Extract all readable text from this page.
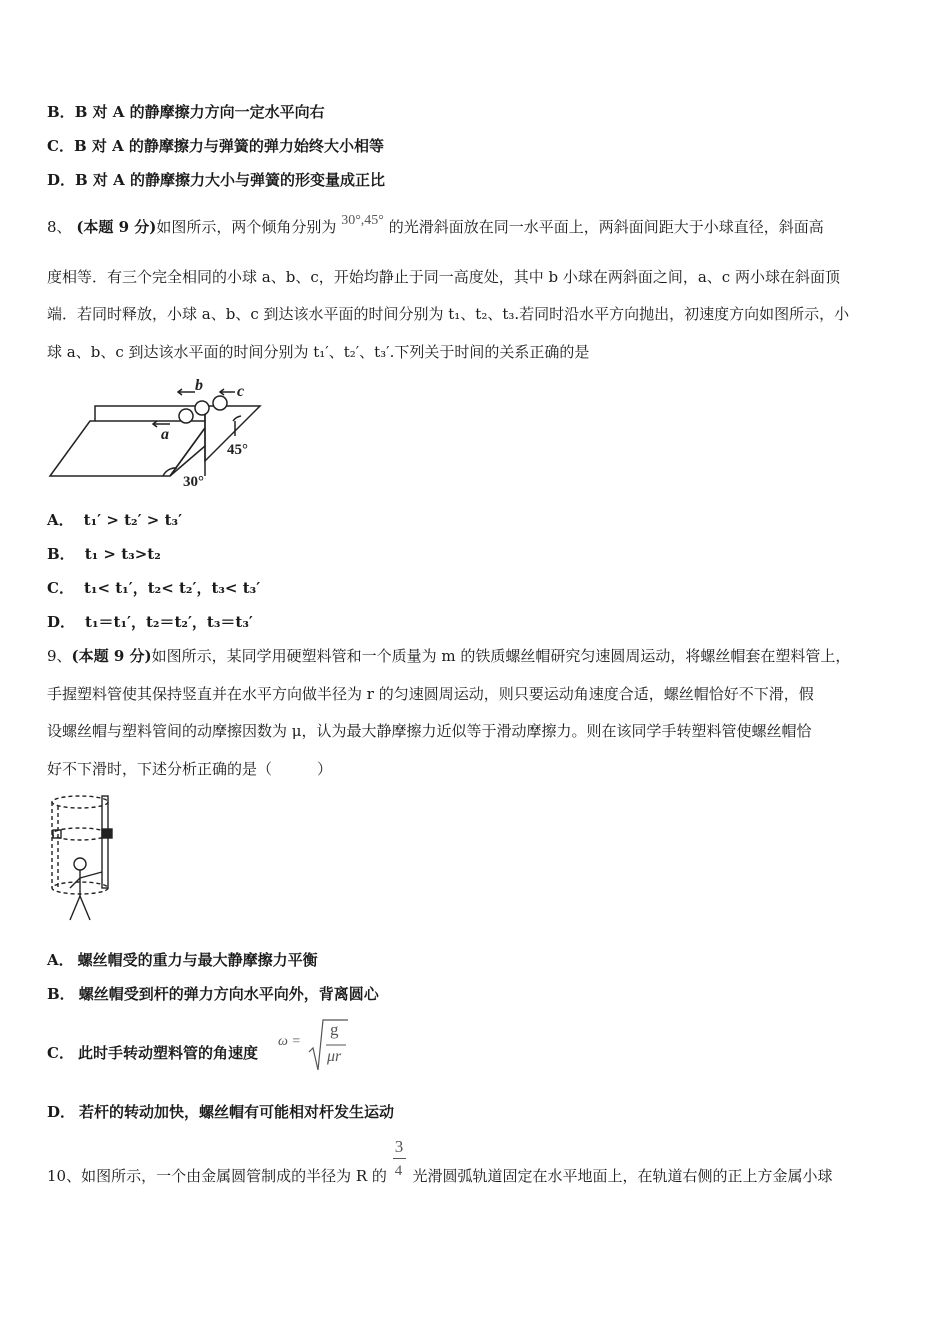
B．B 对 A 的静摩擦力方向一定水平向右
C．B 对 A 的静摩擦力与弹簧的弹力始终大小相等
D．B 对 A 的静摩擦力大小与弹簧的形变量成正比
8、 (本题 9 分)如图所示，两个倾角分别为 30°,45° 的光滑斜面放在同一水平面上，两斜面间距大于小球直径，斜面高
度相等．有三个完全相同的小球 a、b、c，开始均静止于同一高度处，其中 b 小球在两斜面之间，a、c 两小球在斜面顶
端．若同时释放，小球 a、b、c 到达该水平面的时间分别为 t₁、t₂、t₃.若同时沿水平方向抛出，初速度方向如图所示，小
球 a、b、c 到达该水平面的时间分别为 t₁′、t₂′、t₃′.下列关于时间的关系正确的是
a
b c
30°
45°
A． t₁′ > t₂′ > t₃′
B． t₁ > t₃>t₂
C． t₁< t₁′，t₂< t₂′，t₃< t₃′
D． t₁＝t₁′，t₂＝t₂′，t₃＝t₃′
9、(本题 9 分)如图所示，某同学用硬塑料管和一个质量为 m 的铁质螺丝帽研究匀速圆周运动，将螺丝帽套在塑料管上，
手握塑料管使其保持竖直并在水平方向做半径为 r 的匀速圆周运动，则只要运动角速度合适，螺丝帽恰好不下滑，假
设螺丝帽与塑料管间的动摩擦因数为 μ，认为最大静摩擦力近似等于滑动摩擦力。则在该同学手转塑料管使螺丝帽恰
好不下滑时，下述分析正确的是（　　　）
A． 螺丝帽受的重力与最大静摩擦力平衡
B． 螺丝帽受到杆的弹力方向水平向外，背离圆心
C． 此时手转动塑料管的角速度
ω =
g
μr
D． 若杆的转动加快，螺丝帽有可能相对杆发生运动
10、如图所示，一个由金属圆管制成的半径为 R 的 $\frac{3}{4}$ 光滑圆弧轨道固定在水平地面上，在轨道右侧的正上方金属小球
